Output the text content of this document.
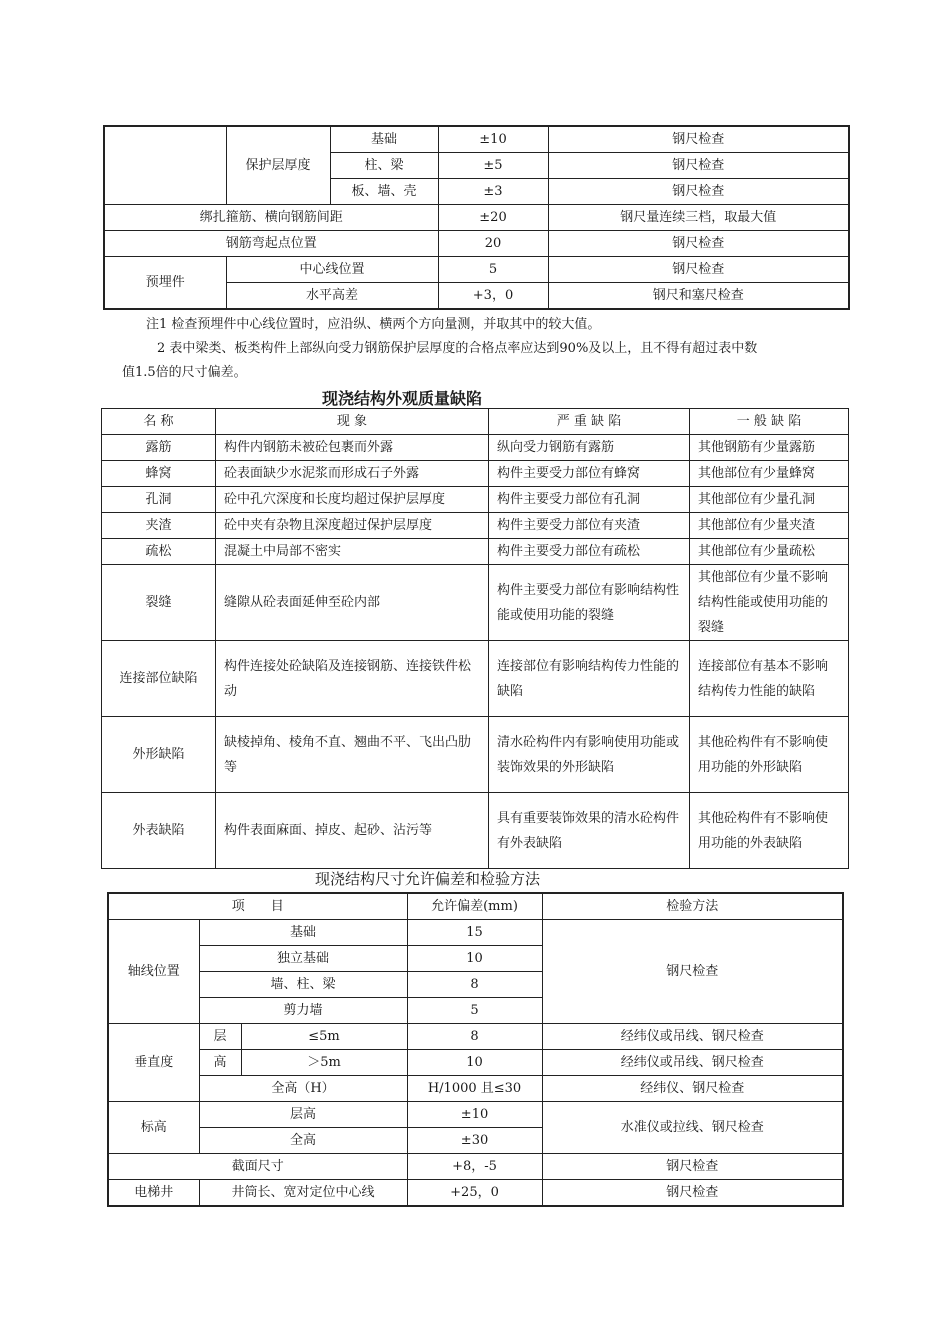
	保护层厚度	基础	±10	钢尺检查
		柱、梁	±5	钢尺检查
		板、墙、壳	±3	钢尺检查
绑扎箍筋、横向钢筋间距			±20	钢尺量连续三档，取最大值
钢筋弯起点位置			20	钢尺检查
预埋件	中心线位置		5	钢尺检查
	水平高差		+3，0	钢尺和塞尺检查
注1 检查预埋件中心线位置时，应沿纵、横两个方向量测，并取其中的较大值。
2 表中梁类、板类构件上部纵向受力钢筋保护层厚度的合格点率应达到90%及以上，且不得有超过表中数
值1.5倍的尺寸偏差。
现浇结构外观质量缺陷
名 称	现 象	严 重 缺 陷	一 般 缺 陷
露筋	构件内钢筋未被砼包裹而外露	纵向受力钢筋有露筋	其他钢筋有少量露筋
蜂窝	砼表面缺少水泥浆而形成石子外露	构件主要受力部位有蜂窝	其他部位有少量蜂窝
孔洞	砼中孔穴深度和长度均超过保护层厚度	构件主要受力部位有孔洞	其他部位有少量孔洞
夹渣	砼中夹有杂物且深度超过保护层厚度	构件主要受力部位有夹渣	其他部位有少量夹渣
疏松	混凝土中局部不密实	构件主要受力部位有疏松	其他部位有少量疏松
裂缝	缝隙从砼表面延伸至砼内部	构件主要受力部位有影响结构性能或使用功能的裂缝	其他部位有少量不影响结构性能或使用功能的裂缝
连接部位缺陷	构件连接处砼缺陷及连接钢筋、连接铁件松动	连接部位有影响结构传力性能的缺陷	连接部位有基本不影响结构传力性能的缺陷
外形缺陷	缺棱掉角、棱角不直、翘曲不平、飞出凸肋等	清水砼构件内有影响使用功能或装饰效果的外形缺陷	其他砼构件有不影响使用功能的外形缺陷
外表缺陷	构件表面麻面、掉皮、起砂、沾污等	具有重要装饰效果的清水砼构件有外表缺陷	其他砼构件有不影响使用功能的外表缺陷
现浇结构尺寸允许偏差和检验方法
项　　目			允许偏差(mm)	检验方法
轴线位置	基础		15	钢尺检查
	独立基础		10	
	墙、柱、梁		8	
	剪力墙		5	
垂直度	层	≤5m	8	经纬仪或吊线、钢尺检查
	高	＞5m	10	经纬仪或吊线、钢尺检查
	全高（H）		H/1000 且≤30	经纬仪、钢尺检查
标高	层高		±10	水准仪或拉线、钢尺检查
	全高		±30	
截面尺寸			+8，-5	钢尺检查
电梯井	井筒长、宽对定位中心线		+25，0	钢尺检查
